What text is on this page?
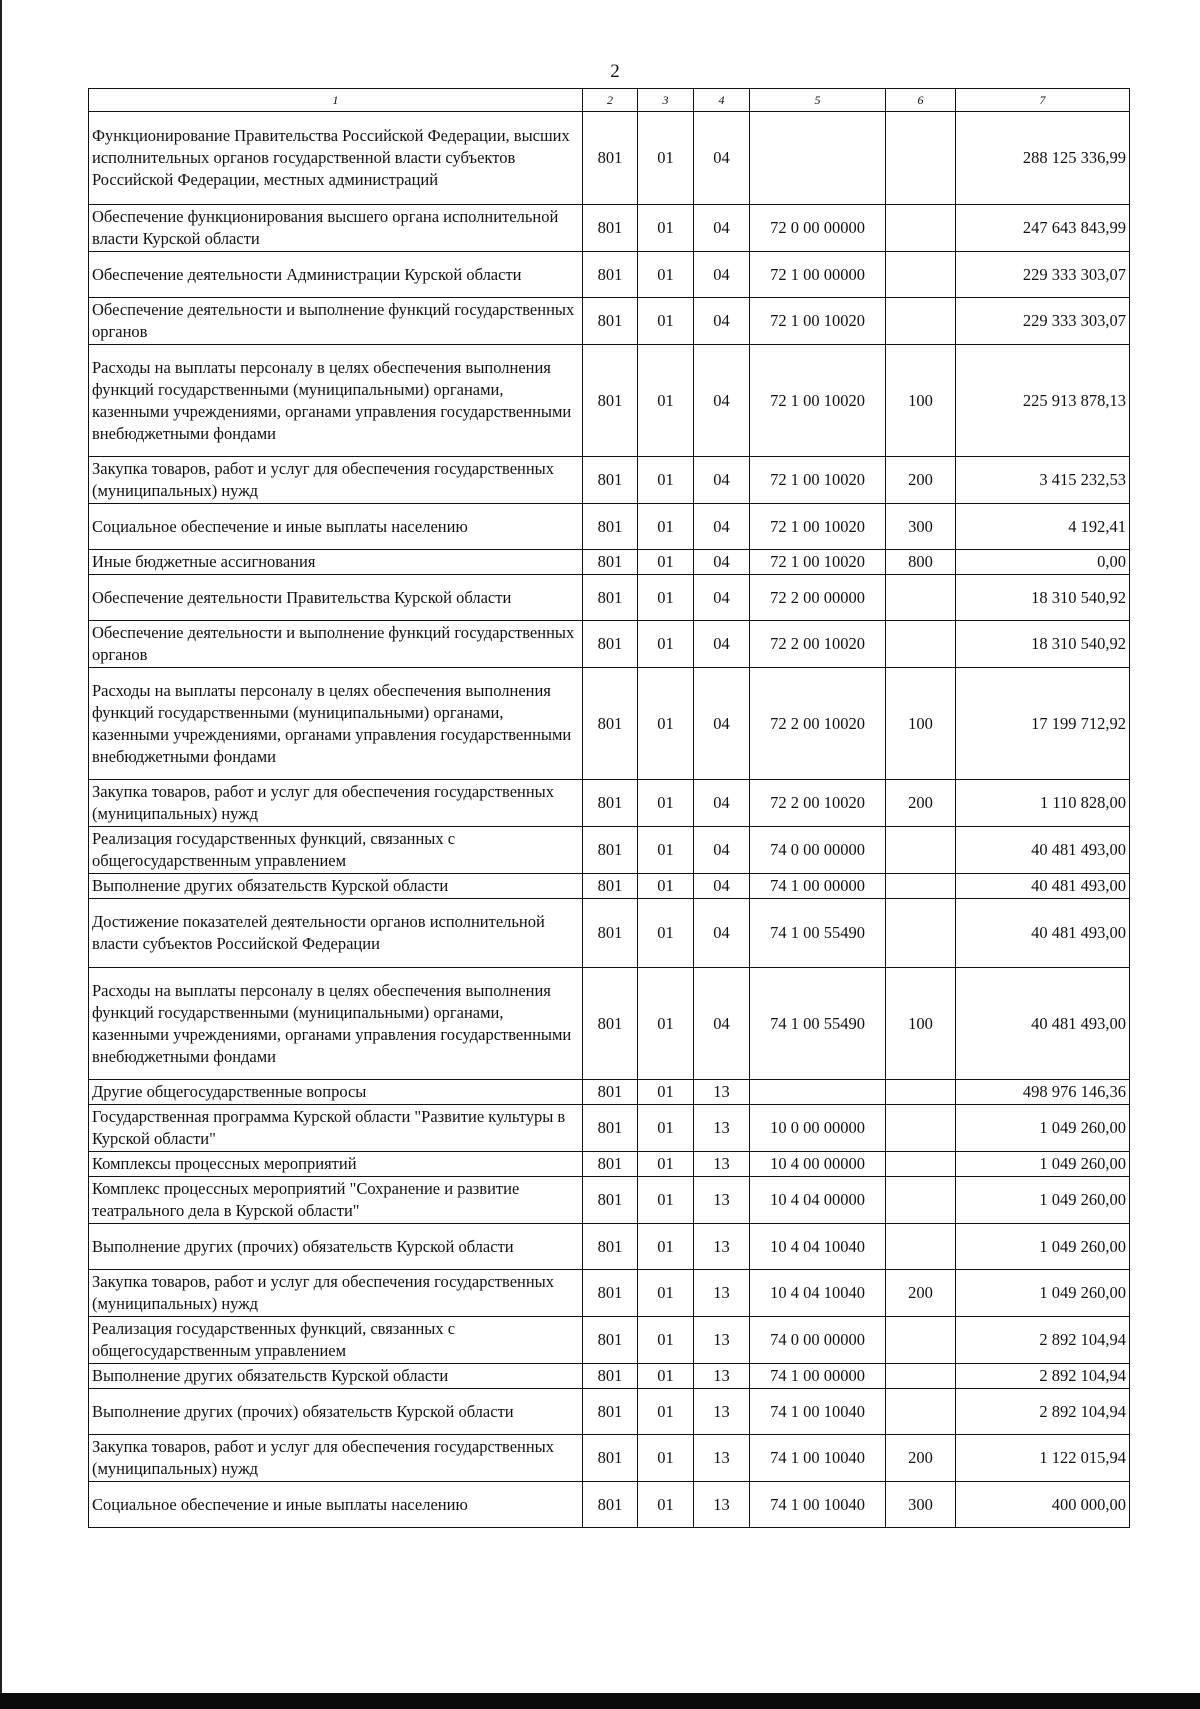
2
1	2	3	4	5	6	7
Функционирование Правительства Российской Федерации, высших исполнительных органов государственной власти субъектов Российской Федерации, местных администраций	801	01	04			288 125 336,99
Обеспечение функционирования высшего органа исполнительной власти Курской области	801	01	04	72 0 00 00000		247 643 843,99
Обеспечение деятельности Администрации Курской области	801	01	04	72 1 00 00000		229 333 303,07
Обеспечение деятельности и выполнение функций государственных органов	801	01	04	72 1 00 10020		229 333 303,07
Расходы на выплаты персоналу в целях обеспечения выполнения функций государственными (муниципальными) органами, казенными учреждениями, органами управления государственными внебюджетными фондами	801	01	04	72 1 00 10020	100	225 913 878,13
Закупка товаров, работ и услуг для обеспечения государственных (муниципальных) нужд	801	01	04	72 1 00 10020	200	3 415 232,53
Социальное обеспечение и иные выплаты населению	801	01	04	72 1 00 10020	300	4 192,41
Иные бюджетные ассигнования	801	01	04	72 1 00 10020	800	0,00
Обеспечение деятельности Правительства Курской области	801	01	04	72 2 00 00000		18 310 540,92
Обеспечение деятельности и выполнение функций государственных органов	801	01	04	72 2 00 10020		18 310 540,92
Расходы на выплаты персоналу в целях обеспечения выполнения функций государственными (муниципальными) органами, казенными учреждениями, органами управления государственными внебюджетными фондами	801	01	04	72 2 00 10020	100	17 199 712,92
Закупка товаров, работ и услуг для обеспечения государственных (муниципальных) нужд	801	01	04	72 2 00 10020	200	1 110 828,00
Реализация государственных функций, связанных с общегосударственным управлением	801	01	04	74 0 00 00000		40 481 493,00
Выполнение других обязательств Курской области	801	01	04	74 1 00 00000		40 481 493,00
Достижение показателей деятельности органов исполнительной власти субъектов Российской Федерации	801	01	04	74 1 00 55490		40 481 493,00
Расходы на выплаты персоналу в целях обеспечения выполнения функций государственными (муниципальными) органами, казенными учреждениями, органами управления государственными внебюджетными фондами	801	01	04	74 1 00 55490	100	40 481 493,00
Другие общегосударственные вопросы	801	01	13			498 976 146,36
Государственная программа Курской области "Развитие культуры в Курской области"	801	01	13	10 0 00 00000		1 049 260,00
Комплексы процессных мероприятий	801	01	13	10 4 00 00000		1 049 260,00
Комплекс процессных мероприятий "Сохранение и развитие театрального дела в Курской области"	801	01	13	10 4 04 00000		1 049 260,00
Выполнение других (прочих) обязательств Курской области	801	01	13	10 4 04 10040		1 049 260,00
Закупка товаров, работ и услуг для обеспечения государственных (муниципальных) нужд	801	01	13	10 4 04 10040	200	1 049 260,00
Реализация государственных функций, связанных с общегосударственным управлением	801	01	13	74 0 00 00000		2 892 104,94
Выполнение других обязательств Курской области	801	01	13	74 1 00 00000		2 892 104,94
Выполнение других (прочих) обязательств Курской области	801	01	13	74 1 00 10040		2 892 104,94
Закупка товаров, работ и услуг для обеспечения государственных (муниципальных) нужд	801	01	13	74 1 00 10040	200	1 122 015,94
Социальное обеспечение и иные выплаты населению	801	01	13	74 1 00 10040	300	400 000,00
